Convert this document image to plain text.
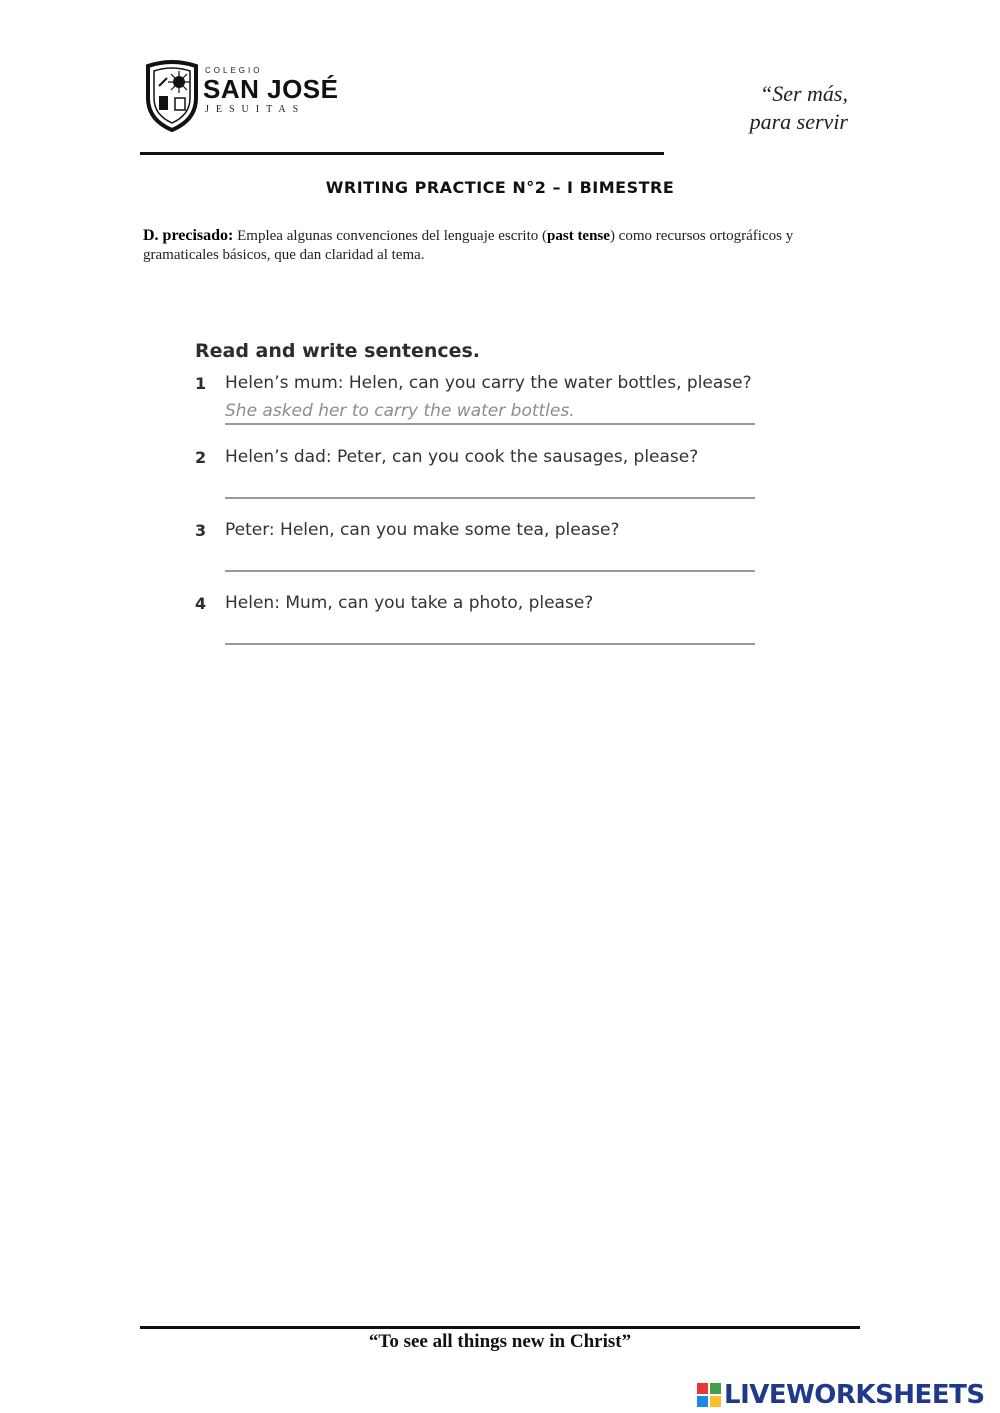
COLEGIO
SAN JOSÉ
JESUITAS
“Ser más,
para servir
WRITING PRACTICE N°2 – I BIMESTRE
D. precisado: Emplea algunas convenciones del lenguaje escrito (past tense) como recursos ortográficos y gramaticales básicos, que dan claridad al tema.
Read and write sentences.
1 Helen’s mum: Helen, can you carry the water bottles, please?
She asked her to carry the water bottles.
2 Helen’s dad: Peter, can you cook the sausages, please?
3 Peter: Helen, can you make some tea, please?
4 Helen: Mum, can you take a photo, please?
“To see all things new in Christ”
LIVEWORKSHEETS
